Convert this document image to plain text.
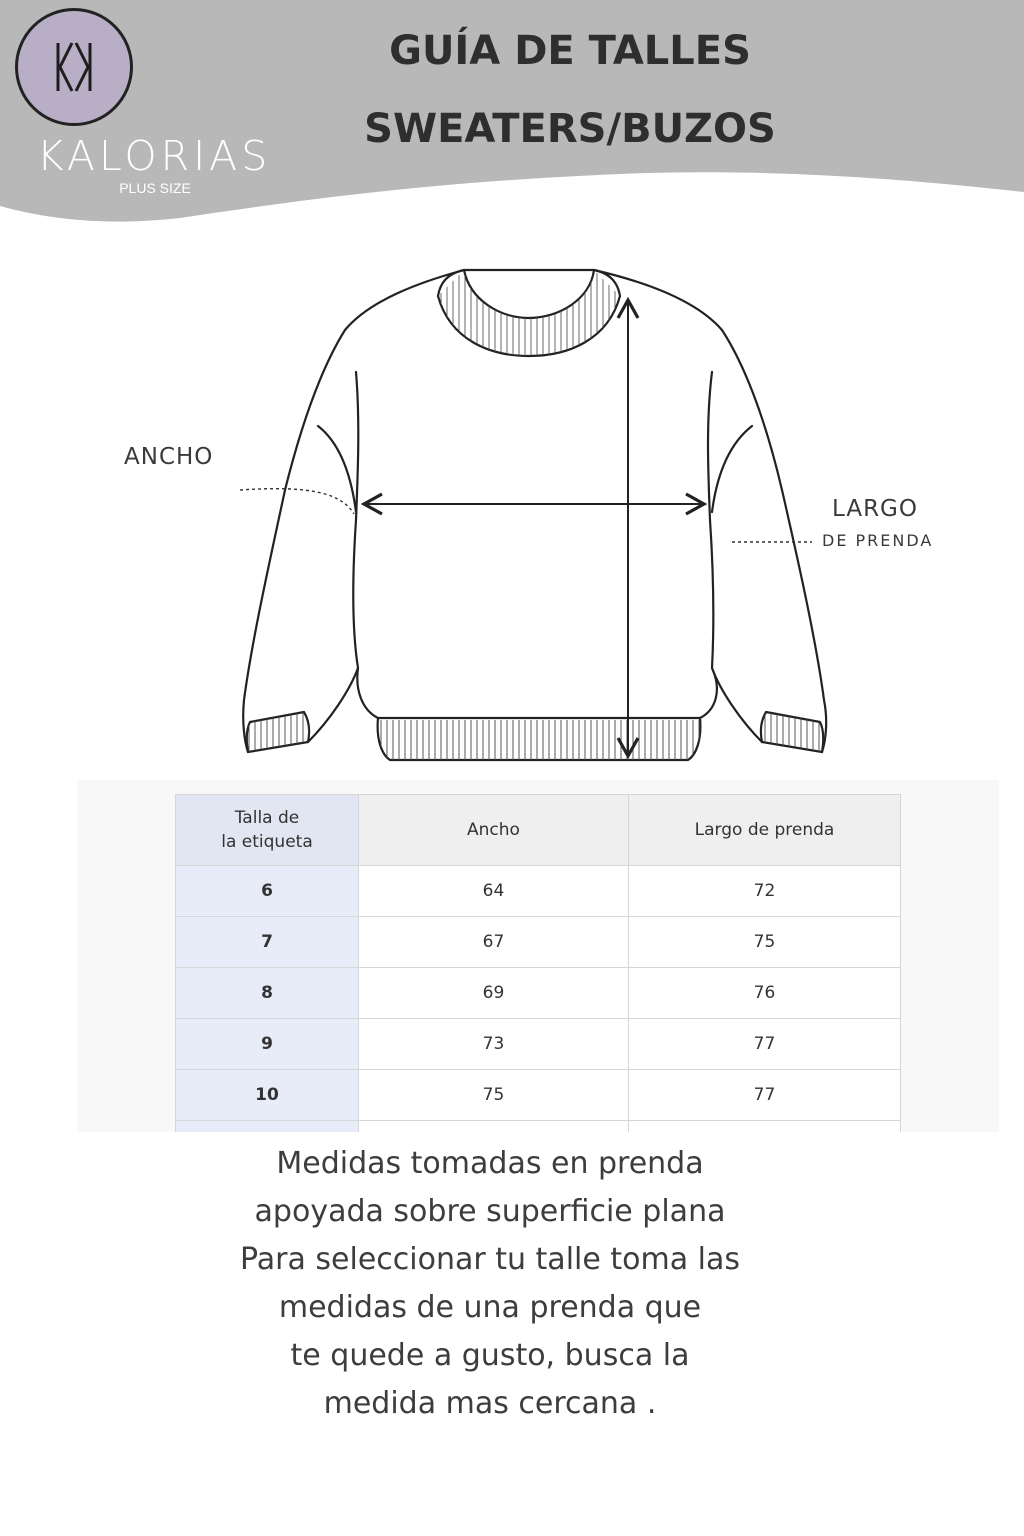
KALORIAS
PLUS SIZE
GUÍA DE TALLES
SWEATERS/BUZOS
ANCHO
LARGO
DE PRENDA
Talla de
la etiqueta	Ancho	Largo de prenda
6	64	72
7	67	75
8	69	76
9	73	77
10	75	77

Medidas tomadas en prenda
apoyada sobre superficie plana
Para seleccionar tu talle toma las
medidas de una prenda que
te quede a gusto, busca la
medida mas cercana .
